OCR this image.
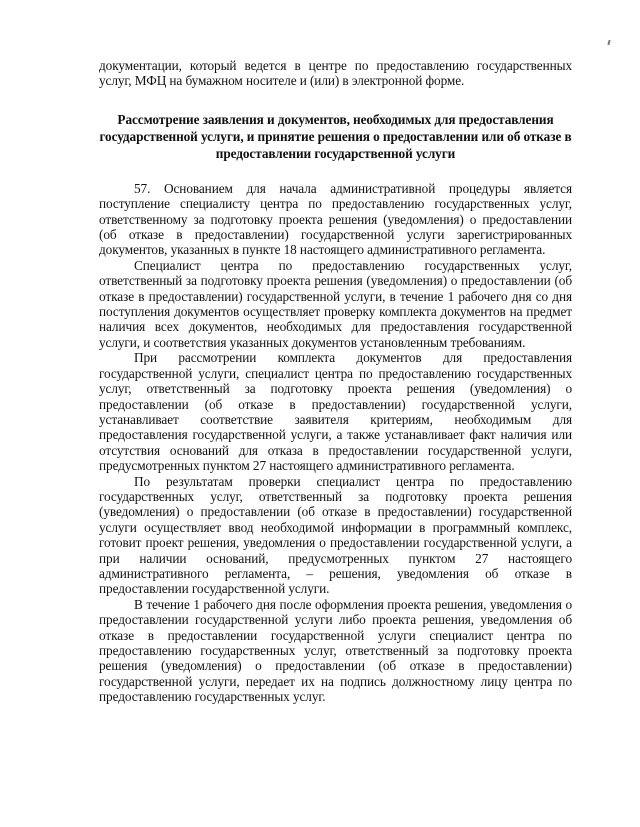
документации, который ведется в центре по предоставлению государственных услуг, МФЦ на бумажном носителе и (или) в электронной форме.

Рассмотрение заявления и документов, необходимых для предоставления государственной услуги, и принятие решения о предоставлении или об отказе в предоставлении государственной услуги

57. Основанием для начала административной процедуры является поступление специалисту центра по предоставлению государственных услуг, ответственному за подготовку проекта решения (уведомления) о предоставлении (об отказе в предоставлении) государственной услуги зарегистрированных документов, указанных в пункте 18 настоящего административного регламента.

Специалист центра по предоставлению государственных услуг, ответственный за подготовку проекта решения (уведомления) о предоставлении (об отказе в предоставлении) государственной услуги, в течение 1 рабочего дня со дня поступления документов осуществляет проверку комплекта документов на предмет наличия всех документов, необходимых для предоставления государственной услуги, и соответствия указанных документов установленным требованиям.

При рассмотрении комплекта документов для предоставления государственной услуги, специалист центра по предоставлению государственных услуг, ответственный за подготовку проекта решения (уведомления) о предоставлении (об отказе в предоставлении) государственной услуги, устанавливает соответствие заявителя критериям, необходимым для предоставления государственной услуги, а также устанавливает факт наличия или отсутствия оснований для отказа в предоставлении государственной услуги, предусмотренных пунктом 27 настоящего административного регламента.

По результатам проверки специалист центра по предоставлению государственных услуг, ответственный за подготовку проекта решения (уведомления) о предоставлении (об отказе в предоставлении) государственной услуги осуществляет ввод необходимой информации в программный комплекс, готовит проект решения, уведомления о предоставлении государственной услуги, а при наличии оснований, предусмотренных пунктом 27 настоящего административного регламента, – решения, уведомления об отказе в предоставлении государственной услуги.

В течение 1 рабочего дня после оформления проекта решения, уведомления о предоставлении государственной услуги либо проекта решения, уведомления об отказе в предоставлении государственной услуги специалист центра по предоставлению государственных услуг, ответственный за подготовку проекта решения (уведомления) о предоставлении (об отказе в предоставлении) государственной услуги, передает их на подпись должностному лицу центра по предоставлению государственных услуг.
